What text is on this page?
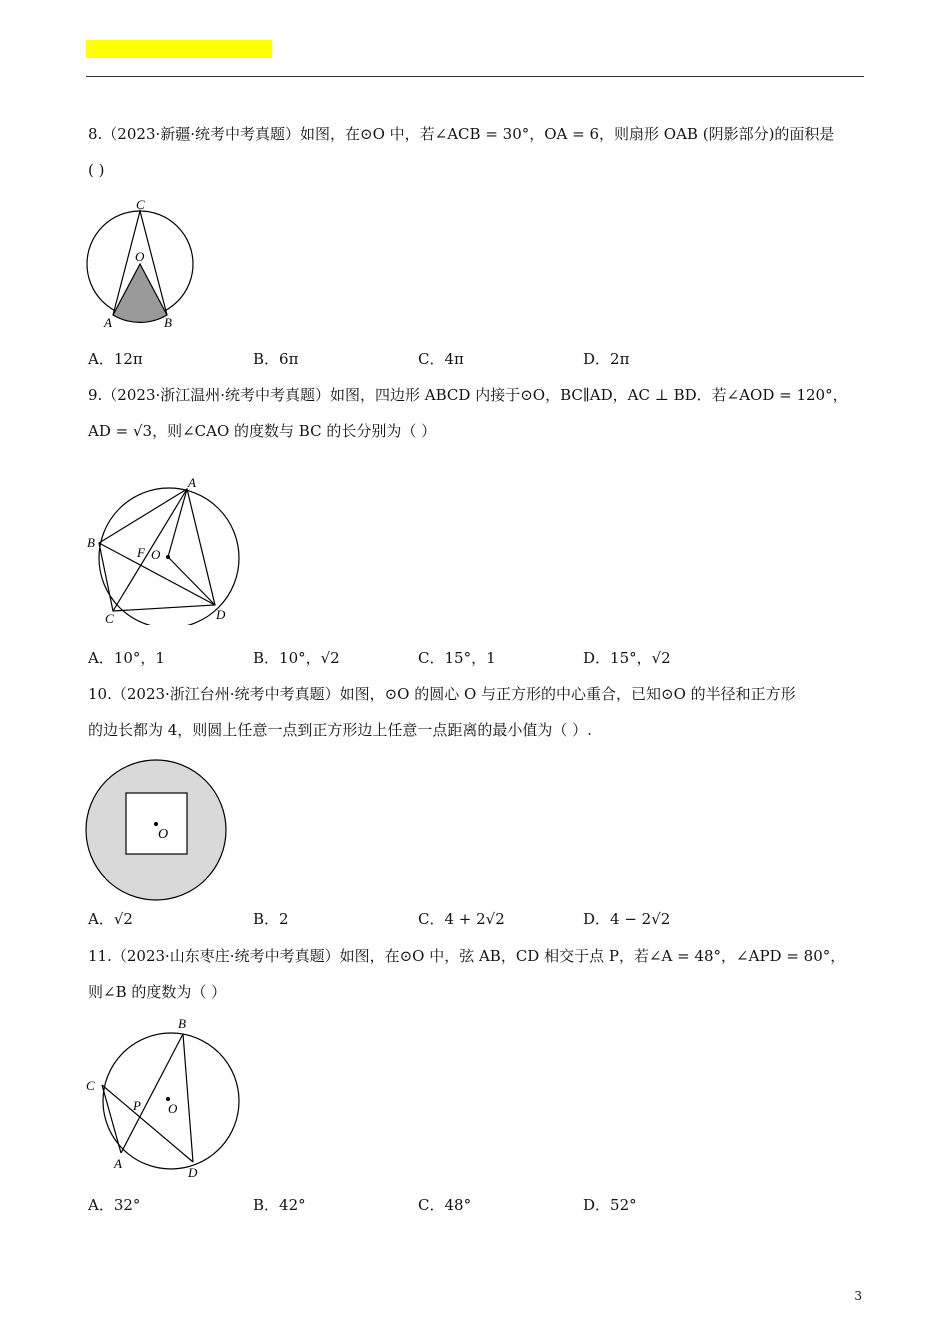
8.（2023·新疆·统考中考真题）如图，在⊙O 中，若∠ACB = 30°，OA = 6，则扇形 OAB (阴影部分)的面积是
( )
C
O
A	B
A．12π	B．6π	C．4π	D．2π
9.（2023·浙江温州·统考中考真题）如图，四边形 ABCD 内接于⊙O，BC∥AD，AC ⊥ BD．若∠AOD = 120°，
AD = √3，则∠CAO 的度数与 BC 的长分别为（ ）
A
B
F O
C	D
A．10°，1	B．10°，√2	C．15°，1	D．15°，√2
10.（2023·浙江台州·统考中考真题）如图，⊙O 的圆心 O 与正方形的中心重合，已知⊙O 的半径和正方形
的边长都为 4，则圆上任意一点到正方形边上任意一点距离的最小值为（ ）.
O
A．√2	B．2	C．4 + 2√2	D．4 − 2√2
11.（2023·山东枣庄·统考中考真题）如图，在⊙O 中，弦 AB，CD 相交于点 P，若∠A = 48°，∠APD = 80°，
则∠B 的度数为（ ）
B
C
P O
A
D
A．32°	B．42°	C．48°	D．52°
3
